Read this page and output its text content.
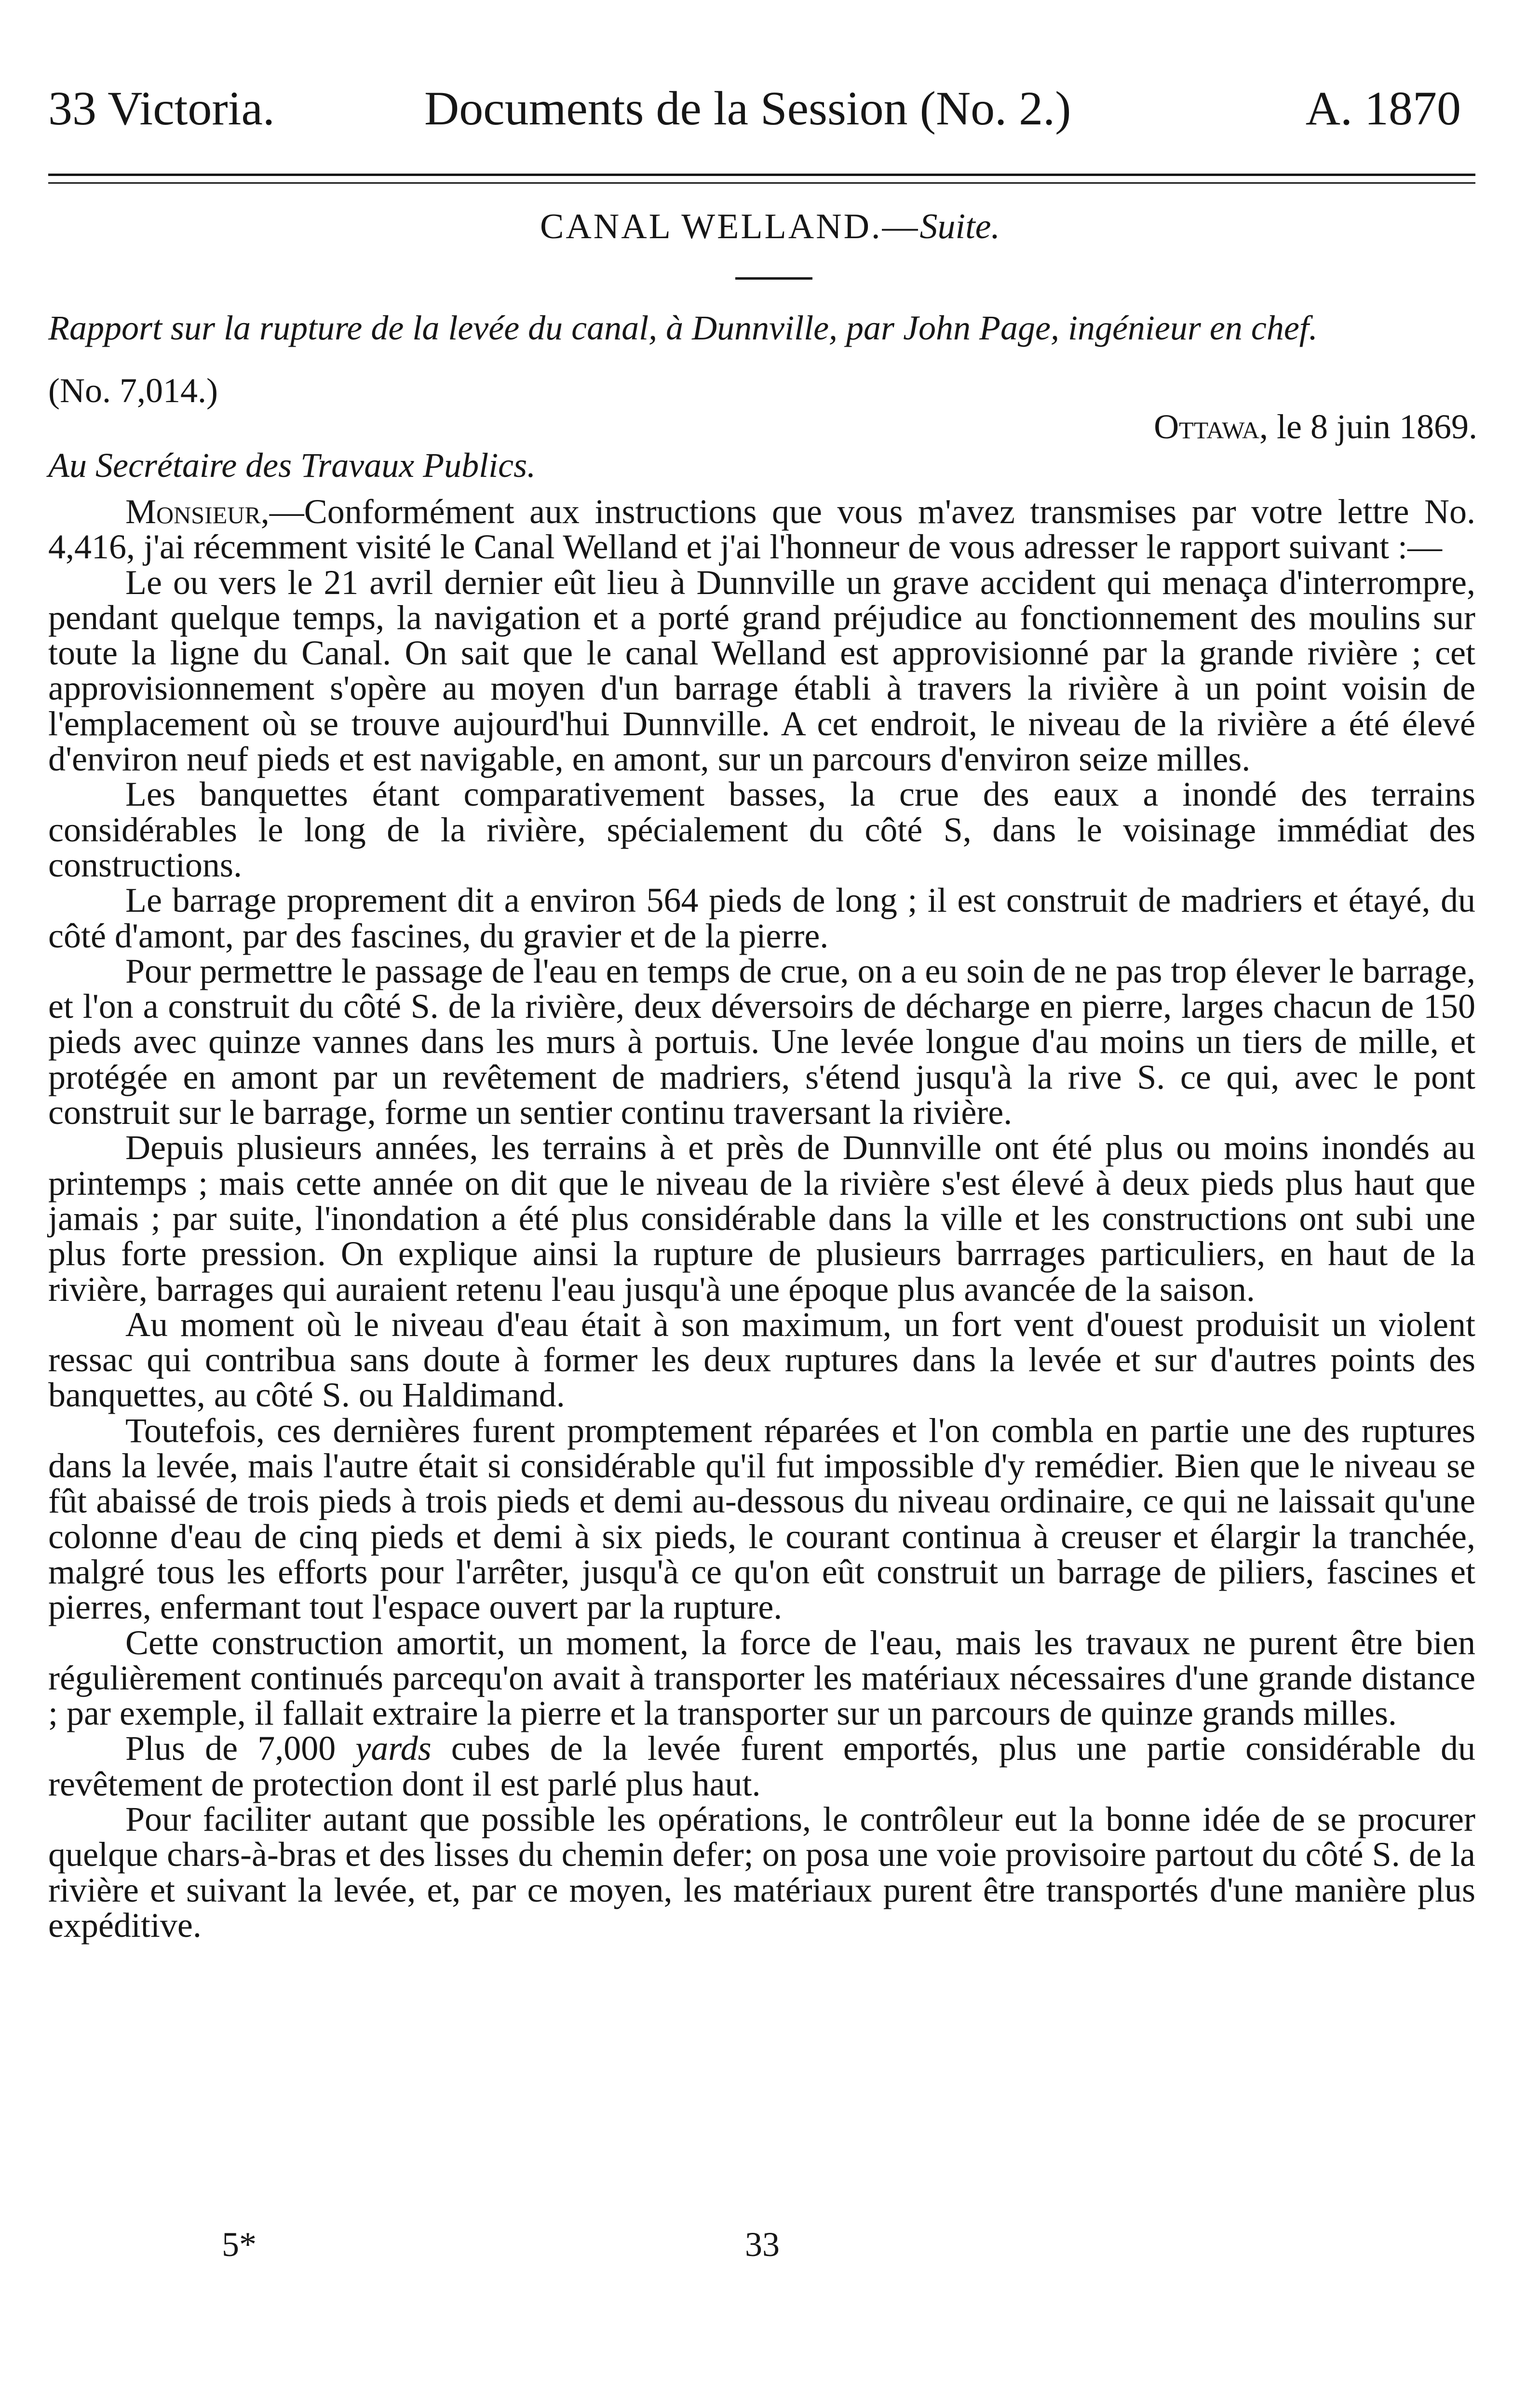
33 Victoria.	Documents de la Session (No. 2.)	A. 1870
CANAL WELLAND.—Suite.
Rapport sur la rupture de la levée du canal, à Dunnville, par John Page, ingénieur en chef.
(No. 7,014.)
Ottawa, le 8 juin 1869.
Au Secrétaire des Travaux Publics.

Monsieur,—Conformément aux instructions que vous m'avez transmises par votre lettre No. 4,416, j'ai récemment visité le Canal Welland et j'ai l'honneur de vous adresser le rapport suivant :—

Le ou vers le 21 avril dernier eût lieu à Dunnville un grave accident qui menaça d'interrompre, pendant quelque temps, la navigation et a porté grand préjudice au fonctionnement des moulins sur toute la ligne du Canal. On sait que le canal Welland est approvisionné par la grande rivière ; cet approvisionnement s'opère au moyen d'un barrage établi à travers la rivière à un point voisin de l'emplacement où se trouve aujourd'hui Dunnville. A cet endroit, le niveau de la rivière a été élevé d'environ neuf pieds et est navigable, en amont, sur un parcours d'environ seize milles.

Les banquettes étant comparativement basses, la crue des eaux a inondé des terrains considérables le long de la rivière, spécialement du côté S, dans le voisinage immédiat des constructions.

Le barrage proprement dit a environ 564 pieds de long ; il est construit de madriers et étayé, du côté d'amont, par des fascines, du gravier et de la pierre.

Pour permettre le passage de l'eau en temps de crue, on a eu soin de ne pas trop élever le barrage, et l'on a construit du côté S. de la rivière, deux déversoirs de décharge en pierre, larges chacun de 150 pieds avec quinze vannes dans les murs à portuis. Une levée longue d'au moins un tiers de mille, et protégée en amont par un revêtement de madriers, s'étend jusqu'à la rive S. ce qui, avec le pont construit sur le barrage, forme un sentier continu traversant la rivière.

Depuis plusieurs années, les terrains à et près de Dunnville ont été plus ou moins inondés au printemps ; mais cette année on dit que le niveau de la rivière s'est élevé à deux pieds plus haut que jamais ; par suite, l'inondation a été plus considérable dans la ville et les constructions ont subi une plus forte pression. On explique ainsi la rupture de plusieurs barrrages particuliers, en haut de la rivière, barrages qui auraient retenu l'eau jusqu'à une époque plus avancée de la saison.

Au moment où le niveau d'eau était à son maximum, un fort vent d'ouest produisit un violent ressac qui contribua sans doute à former les deux ruptures dans la levée et sur d'autres points des banquettes, au côté S. ou Haldimand.

Toutefois, ces dernières furent promptement réparées et l'on combla en partie une des ruptures dans la levée, mais l'autre était si considérable qu'il fut impossible d'y remédier. Bien que le niveau se fût abaissé de trois pieds à trois pieds et demi au-dessous du niveau ordinaire, ce qui ne laissait qu'une colonne d'eau de cinq pieds et demi à six pieds, le courant continua à creuser et élargir la tranchée, malgré tous les efforts pour l'arrêter, jusqu'à ce qu'on eût construit un barrage de piliers, fascines et pierres, enfermant tout l'espace ouvert par la rupture.

Cette construction amortit, un moment, la force de l'eau, mais les travaux ne purent être bien régulièrement continués parcequ'on avait à transporter les matériaux nécessaires d'une grande distance ; par exemple, il fallait extraire la pierre et la transporter sur un parcours de quinze grands milles.

Plus de 7,000 yards cubes de la levée furent emportés, plus une partie considérable du revêtement de protection dont il est parlé plus haut.

Pour faciliter autant que possible les opérations, le contrôleur eut la bonne idée de se procurer quelque chars-à-bras et des lisses du chemin defer; on posa une voie provisoire partout du côté S. de la rivière et suivant la levée, et, par ce moyen, les matériaux purent être transportés d'une manière plus expéditive.

5*	33
